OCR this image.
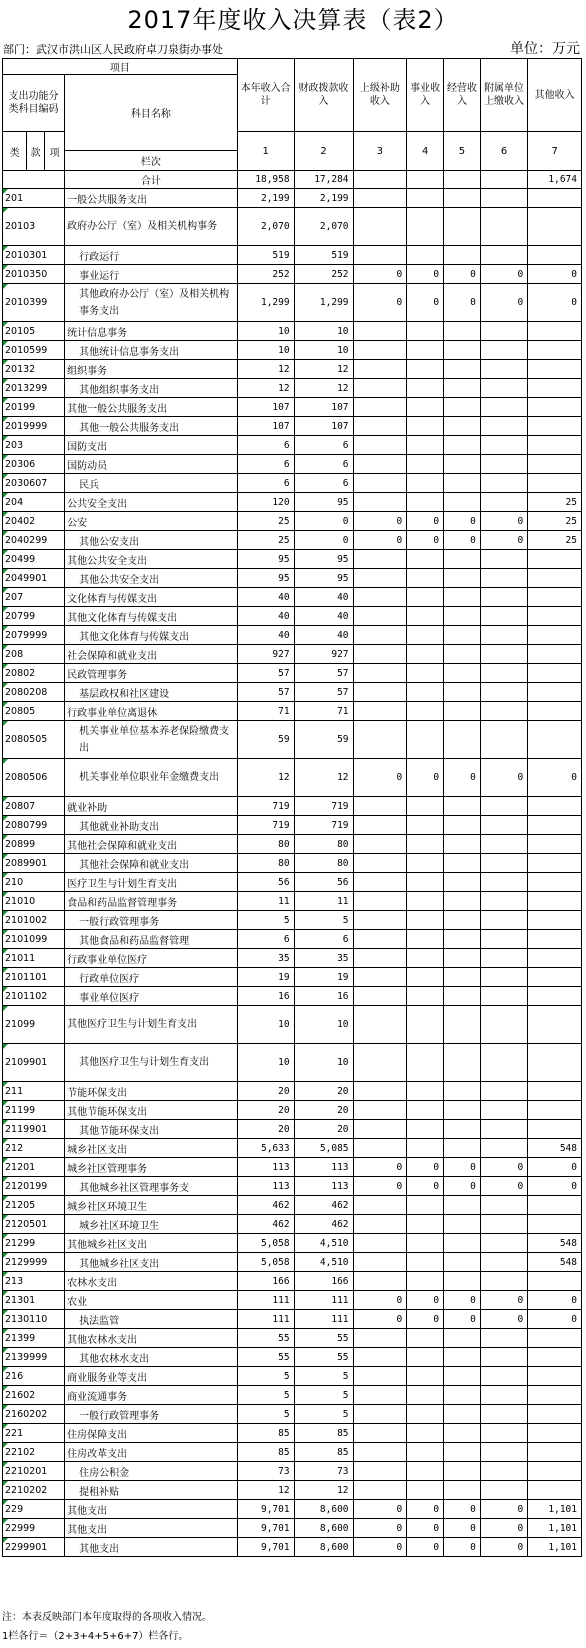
2017年度收入决算表（表2）
部门：武汉市洪山区人民政府卓刀泉街办事处	单位：万元
项目				本年收入合计	财政拨款收入	上级补助收入	事业收入	经营收入	附属单位上缴收入	其他收入
支出功能分类科目编码			科目名称							
类	款	项		1	2	3	4	5	6	7
			栏次							
			合计	18,958	17,284					1,674

201			一般公共服务支出	2,199	2,199					

20103			政府办公厅（室）及相关机构事务	2,070	2,070					

2010301			行政运行	519	519					

2010350			事业运行	252	252	0	0	0	0	0

2010399			其他政府办公厅（室）及相关机构事务支出	1,299	1,299	0	0	0	0	0

20105			统计信息事务	10	10					

2010599			其他统计信息事务支出	10	10					

20132			组织事务	12	12					

2013299			其他组织事务支出	12	12					

20199			其他一般公共服务支出	107	107					

2019999			其他一般公共服务支出	107	107					

203			国防支出	6	6					

20306			国防动员	6	6					

2030607			民兵	6	6					

204			公共安全支出	120	95					25

20402			公安	25	0	0	0	0	0	25

2040299			其他公安支出	25	0	0	0	0	0	25

20499			其他公共安全支出	95	95					

2049901			其他公共安全支出	95	95					

207			文化体育与传媒支出	40	40					

20799			其他文化体育与传媒支出	40	40					

2079999			其他文化体育与传媒支出	40	40					

208			社会保障和就业支出	927	927					

20802			民政管理事务	57	57					

2080208			基层政权和社区建设	57	57					

20805			行政事业单位离退休	71	71					

2080505			机关事业单位基本养老保险缴费支出	59	59					

2080506			机关事业单位职业年金缴费支出	12	12	0	0	0	0	0

20807			就业补助	719	719					

2080799			其他就业补助支出	719	719					

20899			其他社会保障和就业支出	80	80					

2089901			其他社会保障和就业支出	80	80					

210			医疗卫生与计划生育支出	56	56					

21010			食品和药品监督管理事务	11	11					

2101002			一般行政管理事务	5	5					

2101099			其他食品和药品监督管理	6	6					

21011			行政事业单位医疗	35	35					

2101101			行政单位医疗	19	19					

2101102			事业单位医疗	16	16					

21099			其他医疗卫生与计划生育支出	10	10					

2109901			其他医疗卫生与计划生育支出	10	10					

211			节能环保支出	20	20					

21199			其他节能环保支出	20	20					

2119901			其他节能环保支出	20	20					

212			城乡社区支出	5,633	5,085					548

21201			城乡社区管理事务	113	113	0	0	0	0	0

2120199			其他城乡社区管理事务支	113	113	0	0	0	0	0

21205			城乡社区环境卫生	462	462					

2120501			城乡社区环境卫生	462	462					

21299			其他城乡社区支出	5,058	4,510					548

2129999			其他城乡社区支出	5,058	4,510					548

213			农林水支出	166	166					

21301			农业	111	111	0	0	0	0	0

2130110			执法监管	111	111	0	0	0	0	0

21399			其他农林水支出	55	55					

2139999			其他农林水支出	55	55					

216			商业服务业等支出	5	5					

21602			商业流通事务	5	5					

2160202			一般行政管理事务	5	5					

221			住房保障支出	85	85					

22102			住房改革支出	85	85					

2210201			住房公积金	73	73					

2210202			提租补贴	12	12					

229			其他支出	9,701	8,600	0	0	0	0	1,101

22999			其他支出	9,701	8,600	0	0	0	0	1,101

2299901			其他支出	9,701	8,600	0	0	0	0	1,101
注：本表反映部门本年度取得的各项收入情况。
1栏各行＝（2+3+4+5+6+7）栏各行。
